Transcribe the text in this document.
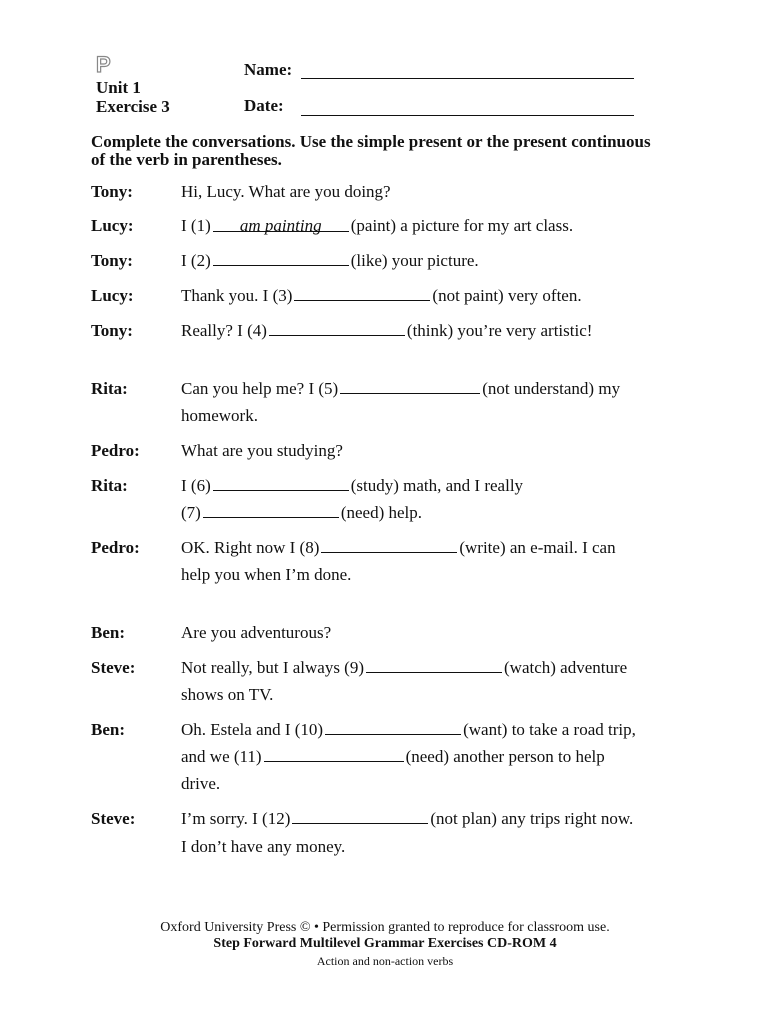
P
Unit 1
Exercise 3
Name:
Date:
Complete the conversations. Use the simple present or the present continuous of the verb in parentheses.
Tony:	Hi, Lucy. What are you doing?
Lucy:	I (1) am painting (paint) a picture for my art class.
Tony:	I (2)	(like) your picture.
Lucy:	Thank you. I (3)	(not paint) very often.
Tony:	Really? I (4)	(think) you’re very artistic!
Rita:	Can you help me? I (5)	(not understand) my
homework.
Pedro: What are you studying?
Rita:	I (6)	(study) math, and I really
(7)	(need) help.
Pedro: OK. Right now I (8)	(write) an e-mail. I can
help you when I’m done.
Ben:	Are you adventurous?
Steve:	Not really, but I always (9)	(watch) adventure
shows on TV.
Ben:	Oh. Estela and I (10)	(want) to take a road trip,
and we (11)	(need) another person to help
drive.
Steve:	I’m sorry. I (12)	(not plan) any trips right now.
I don’t have any money.
Oxford University Press © • Permission granted to reproduce for classroom use.
Step Forward Multilevel Grammar Exercises CD-ROM 4
Action and non-action verbs
